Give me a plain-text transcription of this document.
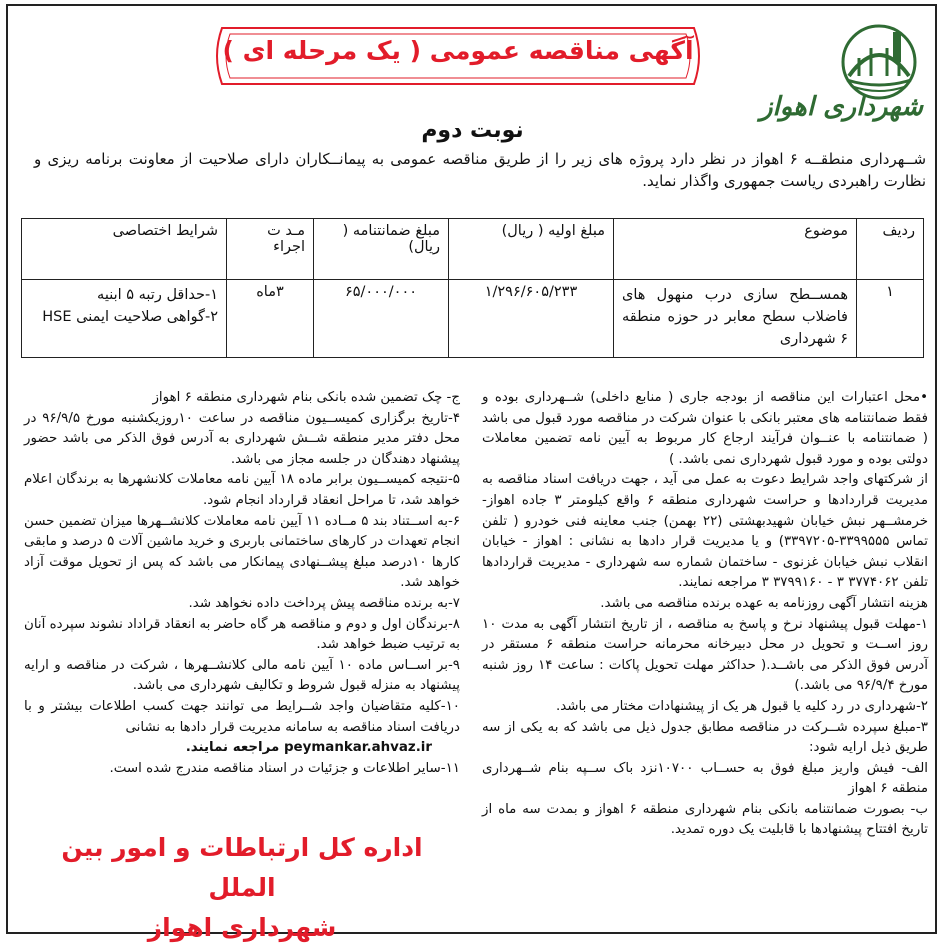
شهرداری اهواز
آگهی مناقصه عمومی ( یک مرحله ای )
نوبت دوم
شــهرداری منطقــه ۶ اهواز در نظر دارد پروژه های زیر را از طریق مناقصه عمومی به پیمانــکاران دارای صلاحیت از معاونت برنامه ریزی و نظارت راهبردی ریاست جمهوری واگذار نماید.
ردیف	موضوع	مبلغ اولیه ( ریال)	مبلغ ضمانتنامه ( ریال)	مـد ت اجراء	شرایط اختصاصی
۱	همســطح سازی درب منهول های فاضلاب سطح معابر در حوزه منطقه ۶ شهرداری	۱/۲۹۶/۶۰۵/۲۳۳	۶۵/۰۰۰/۰۰۰	۳ماه	۱-حداقل رتبه ۵ ابنیه
۲-گواهی صلاحیت ایمنی HSE

•محل اعتبارات این مناقصه از بودجه جاری ( منابع داخلی) شــهرداری بوده و فقط ضمانتنامه های معتبر بانکی با عنوان شرکت در مناقصه مورد قبول می باشد ( ضمانتنامه با عنــوان فرآیند ارجاع کار مربوط به آیین نامه تضمین معاملات دولتی بوده و مورد قبول شهرداری نمی باشد. )

از شرکتهای واجد شرایط دعوت به عمل می آید ، جهت دریافت اسناد مناقصه به مدیریت قراردادها و حراست شهرداری منطقه ۶ واقع کیلومتر ۳ جاده اهواز- خرمشــهر نبش خیابان شهیدبهشتی (۲۲ بهمن) جنب معاینه فنی خودرو ( تلفن تماس ۳۳۹۹۵۵۵-۳۳۹۷۲۰۵) و یا مدیریت قرار دادها به نشانی : اهواز - خیابان انقلاب نبش خیابان غزنوی - ساختمان شماره سه شهرداری - مدیریت قراردادها تلفن ۳۷۷۴۰۶۲ ۳ - ۳۷۹۹۱۶۰ ۳ مراجعه نمایند.

هزینه انتشار آگهی روزنامه به عهده برنده مناقصه می باشد.

۱-مهلت قبول پیشنهاد نرخ و پاسخ به مناقصه ، از تاریخ انتشار آگهی به مدت ۱۰ روز اســت و تحویل در محل دبیرخانه محرمانه حراست منطقه ۶ مستقر در آدرس فوق الذکر می باشــد.( حداکثر مهلت تحویل پاکات : ساعت ۱۴ روز شنبه مورخ ۹۶/۹/۴ می باشد.)

۲-شهرداری در رد کلیه یا قبول هر یک از پیشنهادات مختار می باشد.

۳-مبلغ سپرده شــرکت در مناقصه مطابق جدول ذیل می باشد که به یکی از سه طریق ذیل ارایه شود:

الف- فیش واریز مبلغ فوق به حســاب ۱۰۷۰۰نزد باک ســپه بنام شــهرداری منطقه ۶ اهواز

ب- بصورت ضمانتنامه بانکی بنام شهرداری منطقه ۶ اهواز و بمدت سه ماه از تاریخ افتتاح پیشنهادها با قابلیت یک دوره تمدید.

ج- چک تضمین شده بانکی بنام شهرداری منطقه ۶ اهواز

۴-تاریخ برگزاری کمیســیون مناقصه در ساعت ۱۰روزیکشنبه مورخ ۹۶/۹/۵ در محل دفتر مدیر منطقه شــش شهرداری به آدرس فوق الذکر می باشد حضور پیشنهاد دهندگان در جلسه مجاز می باشد.

۵-نتیجه کمیســیون برابر ماده ۱۸ آیین نامه معاملات کلانشهرها به برندگان اعلام خواهد شد، تا مراحل انعقاد قرارداد انجام شود.

۶-به اســتناد بند ۵ مــاده ۱۱ آیین نامه معاملات کلانشــهرها میزان تضمین حسن انجام تعهدات در کارهای ساختمانی باربری و خرید ماشین آلات ۵ درصد و مابقی کارها ۱۰درصد مبلغ پیشــنهادی پیمانکار می باشد که پس از تحویل موقت آزاد خواهد شد.

۷-به برنده مناقصه پیش پرداخت داده نخواهد شد.

۸-برندگان اول و دوم و مناقصه هر گاه حاضر به انعقاد قراداد نشوند سپرده آنان به ترتیب ضبط خواهد شد.

۹-بر اســاس ماده ۱۰ آیین نامه مالی کلانشــهرها ، شرکت در مناقصه و ارایه پیشنهاد به منزله قبول شروط و تکالیف شهرداری می باشد.

۱۰-کلیه متقاضیان واجد شــرایط می توانند جهت کسب اطلاعات بیشتر و با دریافت اسناد مناقصه به سامانه مدیریت قرار دادها به نشانی

peymankar.ahvaz.ir مراجعه نمایند.

۱۱-سایر اطلاعات و جزئیات در اسناد مناقصه مندرج شده است.

اداره کل ارتباطات و امور بین الملل
شهرداری اهواز
